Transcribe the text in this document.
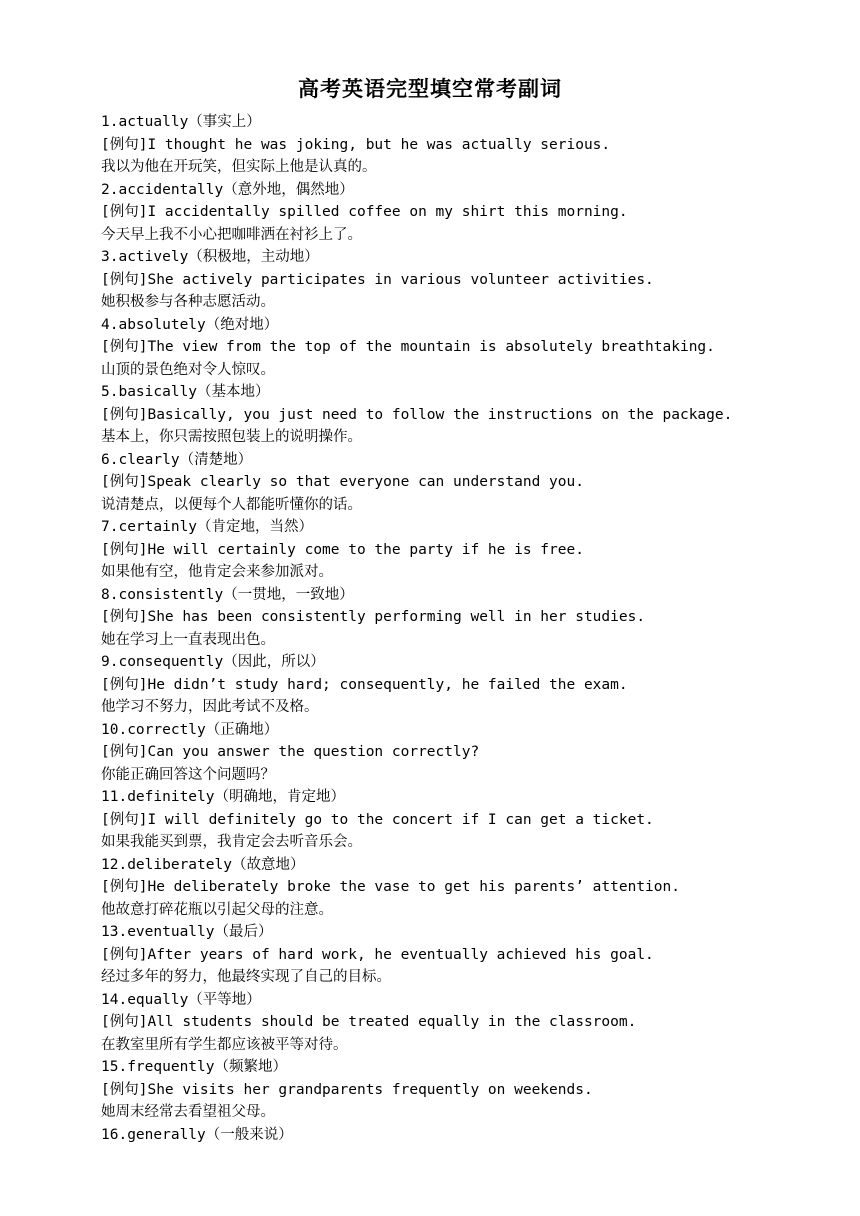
高考英语完型填空常考副词
1.actually（事实上）
[例句]I thought he was joking, but he was actually serious.
我以为他在开玩笑，但实际上他是认真的。
2.accidentally（意外地，偶然地）
[例句]I accidentally spilled coffee on my shirt this morning.
今天早上我不小心把咖啡洒在衬衫上了。
3.actively（积极地，主动地）
[例句]She actively participates in various volunteer activities.
她积极参与各种志愿活动。
4.absolutely（绝对地）
[例句]The view from the top of the mountain is absolutely breathtaking.
山顶的景色绝对令人惊叹。
5.basically（基本地）
[例句]Basically, you just need to follow the instructions on the package.
基本上，你只需按照包装上的说明操作。
6.clearly（清楚地）
[例句]Speak clearly so that everyone can understand you.
说清楚点，以便每个人都能听懂你的话。
7.certainly（肯定地，当然）
[例句]He will certainly come to the party if he is free.
如果他有空，他肯定会来参加派对。
8.consistently（一贯地，一致地）
[例句]She has been consistently performing well in her studies.
她在学习上一直表现出色。
9.consequently（因此，所以）
[例句]He didn’t study hard; consequently, he failed the exam.
他学习不努力，因此考试不及格。
10.correctly（正确地）
[例句]Can you answer the question correctly?
你能正确回答这个问题吗？
11.definitely（明确地，肯定地）
[例句]I will definitely go to the concert if I can get a ticket.
如果我能买到票，我肯定会去听音乐会。
12.deliberately（故意地）
[例句]He deliberately broke the vase to get his parents’ attention.
他故意打碎花瓶以引起父母的注意。
13.eventually（最后）
[例句]After years of hard work, he eventually achieved his goal.
经过多年的努力，他最终实现了自己的目标。
14.equally（平等地）
[例句]All students should be treated equally in the classroom.
在教室里所有学生都应该被平等对待。
15.frequently（频繁地）
[例句]She visits her grandparents frequently on weekends.
她周末经常去看望祖父母。
16.generally（一般来说）
